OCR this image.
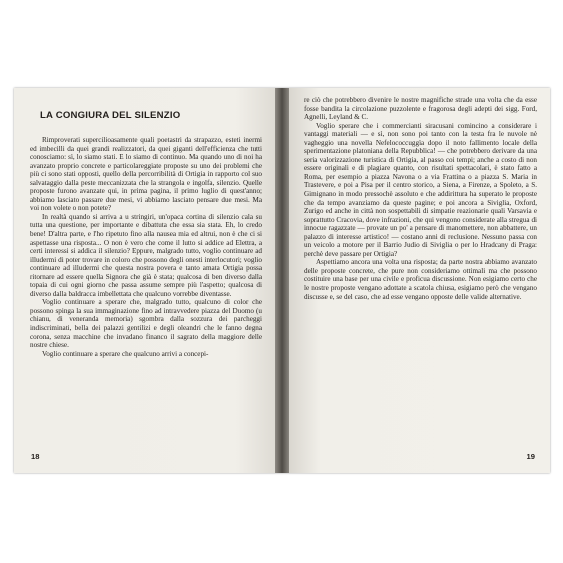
LA CONGIURA DEL SILENZIO

Rimproverati supercilioasamente quali poetastri da strapazzo, esteti inermi ed imbecilli da quei grandi realizzatori, da quei giganti dell'efficienza che tutti conosciamo: sì, lo siamo stati. E lo siamo di continuo. Ma quando uno di noi ha avanzato proprio concrete e particolareggiate proposte su uno dei problemi che più ci sono stati opposti, quello della percorribilità di Ortigia in rapporto col suo salvataggio dalla peste meccanizzata che la strangola e ingolfa, silenzio. Quelle proposte furono avanzate qui, in prima pagina, il primo luglio di quest'anno; abbiamo lasciato passare due mesi, vi abbiamo lasciato pensare due mesi. Ma voi non volete o non potete?

In realtà quando si arriva a u stringiri, un'opaca cortina di silenzio cala su tutta una questione, per importante e dibattuta che essa sia stata. Eh, lo credo bene! D'altra parte, e l'ho ripetuto fino alla nausea mia ed altrui, non è che ci si aspettasse una risposta... O non è vero che come il lutto si addice ad Elettra, a certi interessi si addica il silenzio? Eppure, malgrado tutto, voglio continuare ad illudermi di poter trovare in coloro che possono degli onesti interlocutori; voglio continuare ad illudermi che questa nostra povera e tanto amata Ortigia possa ritornare ad essere quella Signora che già è stata; qualcosa di ben diverso dalla topaia di cui ogni giorno che passa assume sempre più l'aspetto; qualcosa di diverso dalla baldracca imbellettata che qualcuno vorrebbe diventasse.

Voglio continuare a sperare che, malgrado tutto, qualcuno di color che possono spinga la sua immaginazione fino ad intravvedere piazza del Duomo (u chianu, di veneranda memoria) sgombra dalla sozzura dei parcheggi indiscriminati, bella dei palazzi gentilizi e degli oleandri che le fanno degna corona, senza macchine che invadano financo il sagrato della maggiore delle nostre chiese.

Voglio continuare a sperare che qualcuno arrivi a concepi-

18

re ciò che potrebbero divenire le nostre magnifiche strade una volta che da esse fosse bandita la circolazione puzzolente e fragorosa degli adepti dei sigg. Ford, Agnelli, Leyland & C.

Voglio sperare che i commercianti siracusani comincino a considerare i vantaggi materiali — e sì, non sono poi tanto con la testa fra le nuvole nè vagheggio una novella Nefelococcuggìa dopo il noto fallimento locale della sperimentazione platoniana della Repubblica! — che potrebbero derivare da una seria valorizzazione turistica di Ortigia, al passo coi tempi; anche a costo di non essere originali e di plagiare quanto, con risultati spettacolari, è stato fatto a Roma, per esempio a piazza Navona o a via Frattina o a piazza S. Maria in Trastevere, e poi a Pisa per il centro storico, a Siena, a Firenze, a Spoleto, a S. Gimignano in modo pressochè assoluto e che addirittura ha superato le proposte che da tempo avanziamo da queste pagine; e poi ancora a Siviglia, Oxford, Zurigo ed anche in città non sospettabili di simpatie reazionarie quali Varsavia e soprattutto Cracovia, dove infrazioni, che qui vengono considerate alla stregua di innocue ragazzate — provate un po' a pensare di manomettere, non abbattere, un palazzo di interesse artistico! — costano anni di reclusione. Nessuno passa con un veicolo a motore per il Barrio Judio di Siviglia o per lo Hradcany di Praga: perchè deve passare per Ortigia?

Aspettiamo ancora una volta una risposta; da parte nostra abbiamo avanzato delle proposte concrete, che pure non consideriamo ottimali ma che possono costituire una base per una civile e proficua discussione. Non esigiamo certo che le nostre proposte vengano adottate a scatola chiusa, esigiamo però che vengano discusse e, se del caso, che ad esse vengano opposte delle valide alternative.

19
